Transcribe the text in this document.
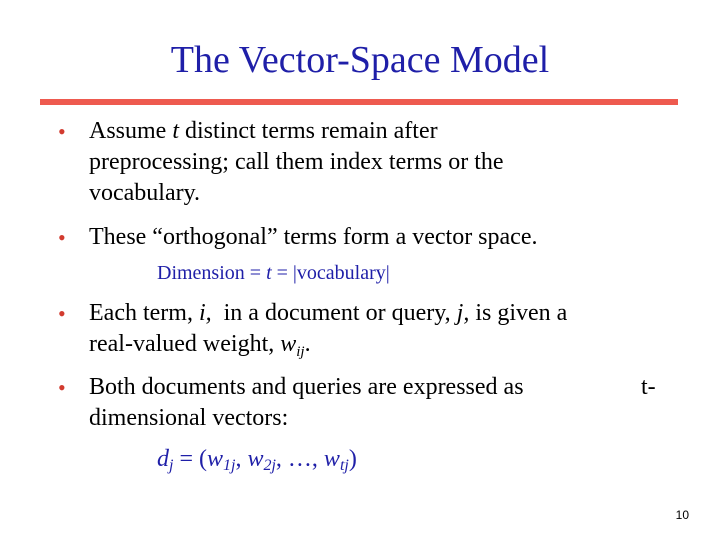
The Vector-Space Model
• Assume t distinct terms remain after
preprocessing; call them index terms or the
vocabulary.
• These “orthogonal” terms form a vector space.
Dimension = t = |vocabulary|
• Each term, i,  in a document or query, j, is given a
real-valued weight, $w_{ij}$.
• Both documents and queries are expressed as	t-
dimensional vectors:
$d_j = (w_{1j}$, $w_{2j}$, …, $w_{tj}$)
10
